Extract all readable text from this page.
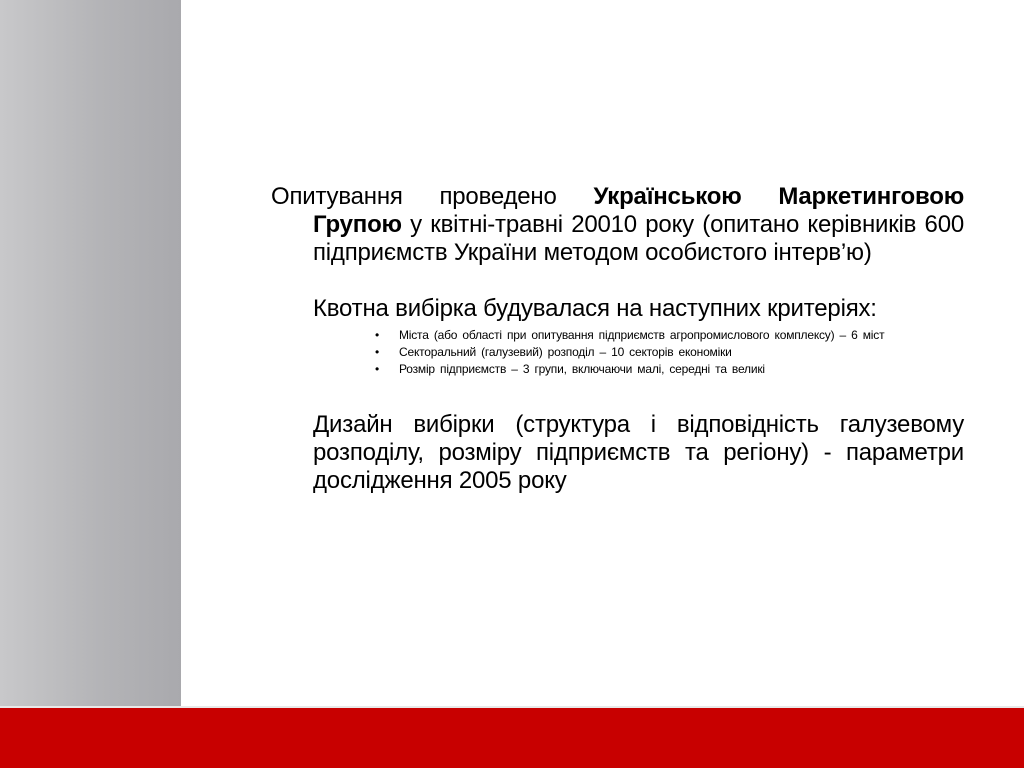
Опитування проведено Українською Маркетинговою Групою у квітні-травні 20010 року (опитано керівників 600 підприємств України методом особистого інтерв’ю)
Квотна вибірка будувалася на наступних критеріях:
• Міста (або області при опитування підприємств агропромислового комплексу) – 6 міст
• Секторальний (галузевий) розподіл – 10 секторів економіки
• Розмір підприємств – 3 групи, включаючи малі, середні та великі
Дизайн вибірки (структура і відповідність галузевому розподілу, розміру підприємств та регіону) - параметри дослідження 2005 року
